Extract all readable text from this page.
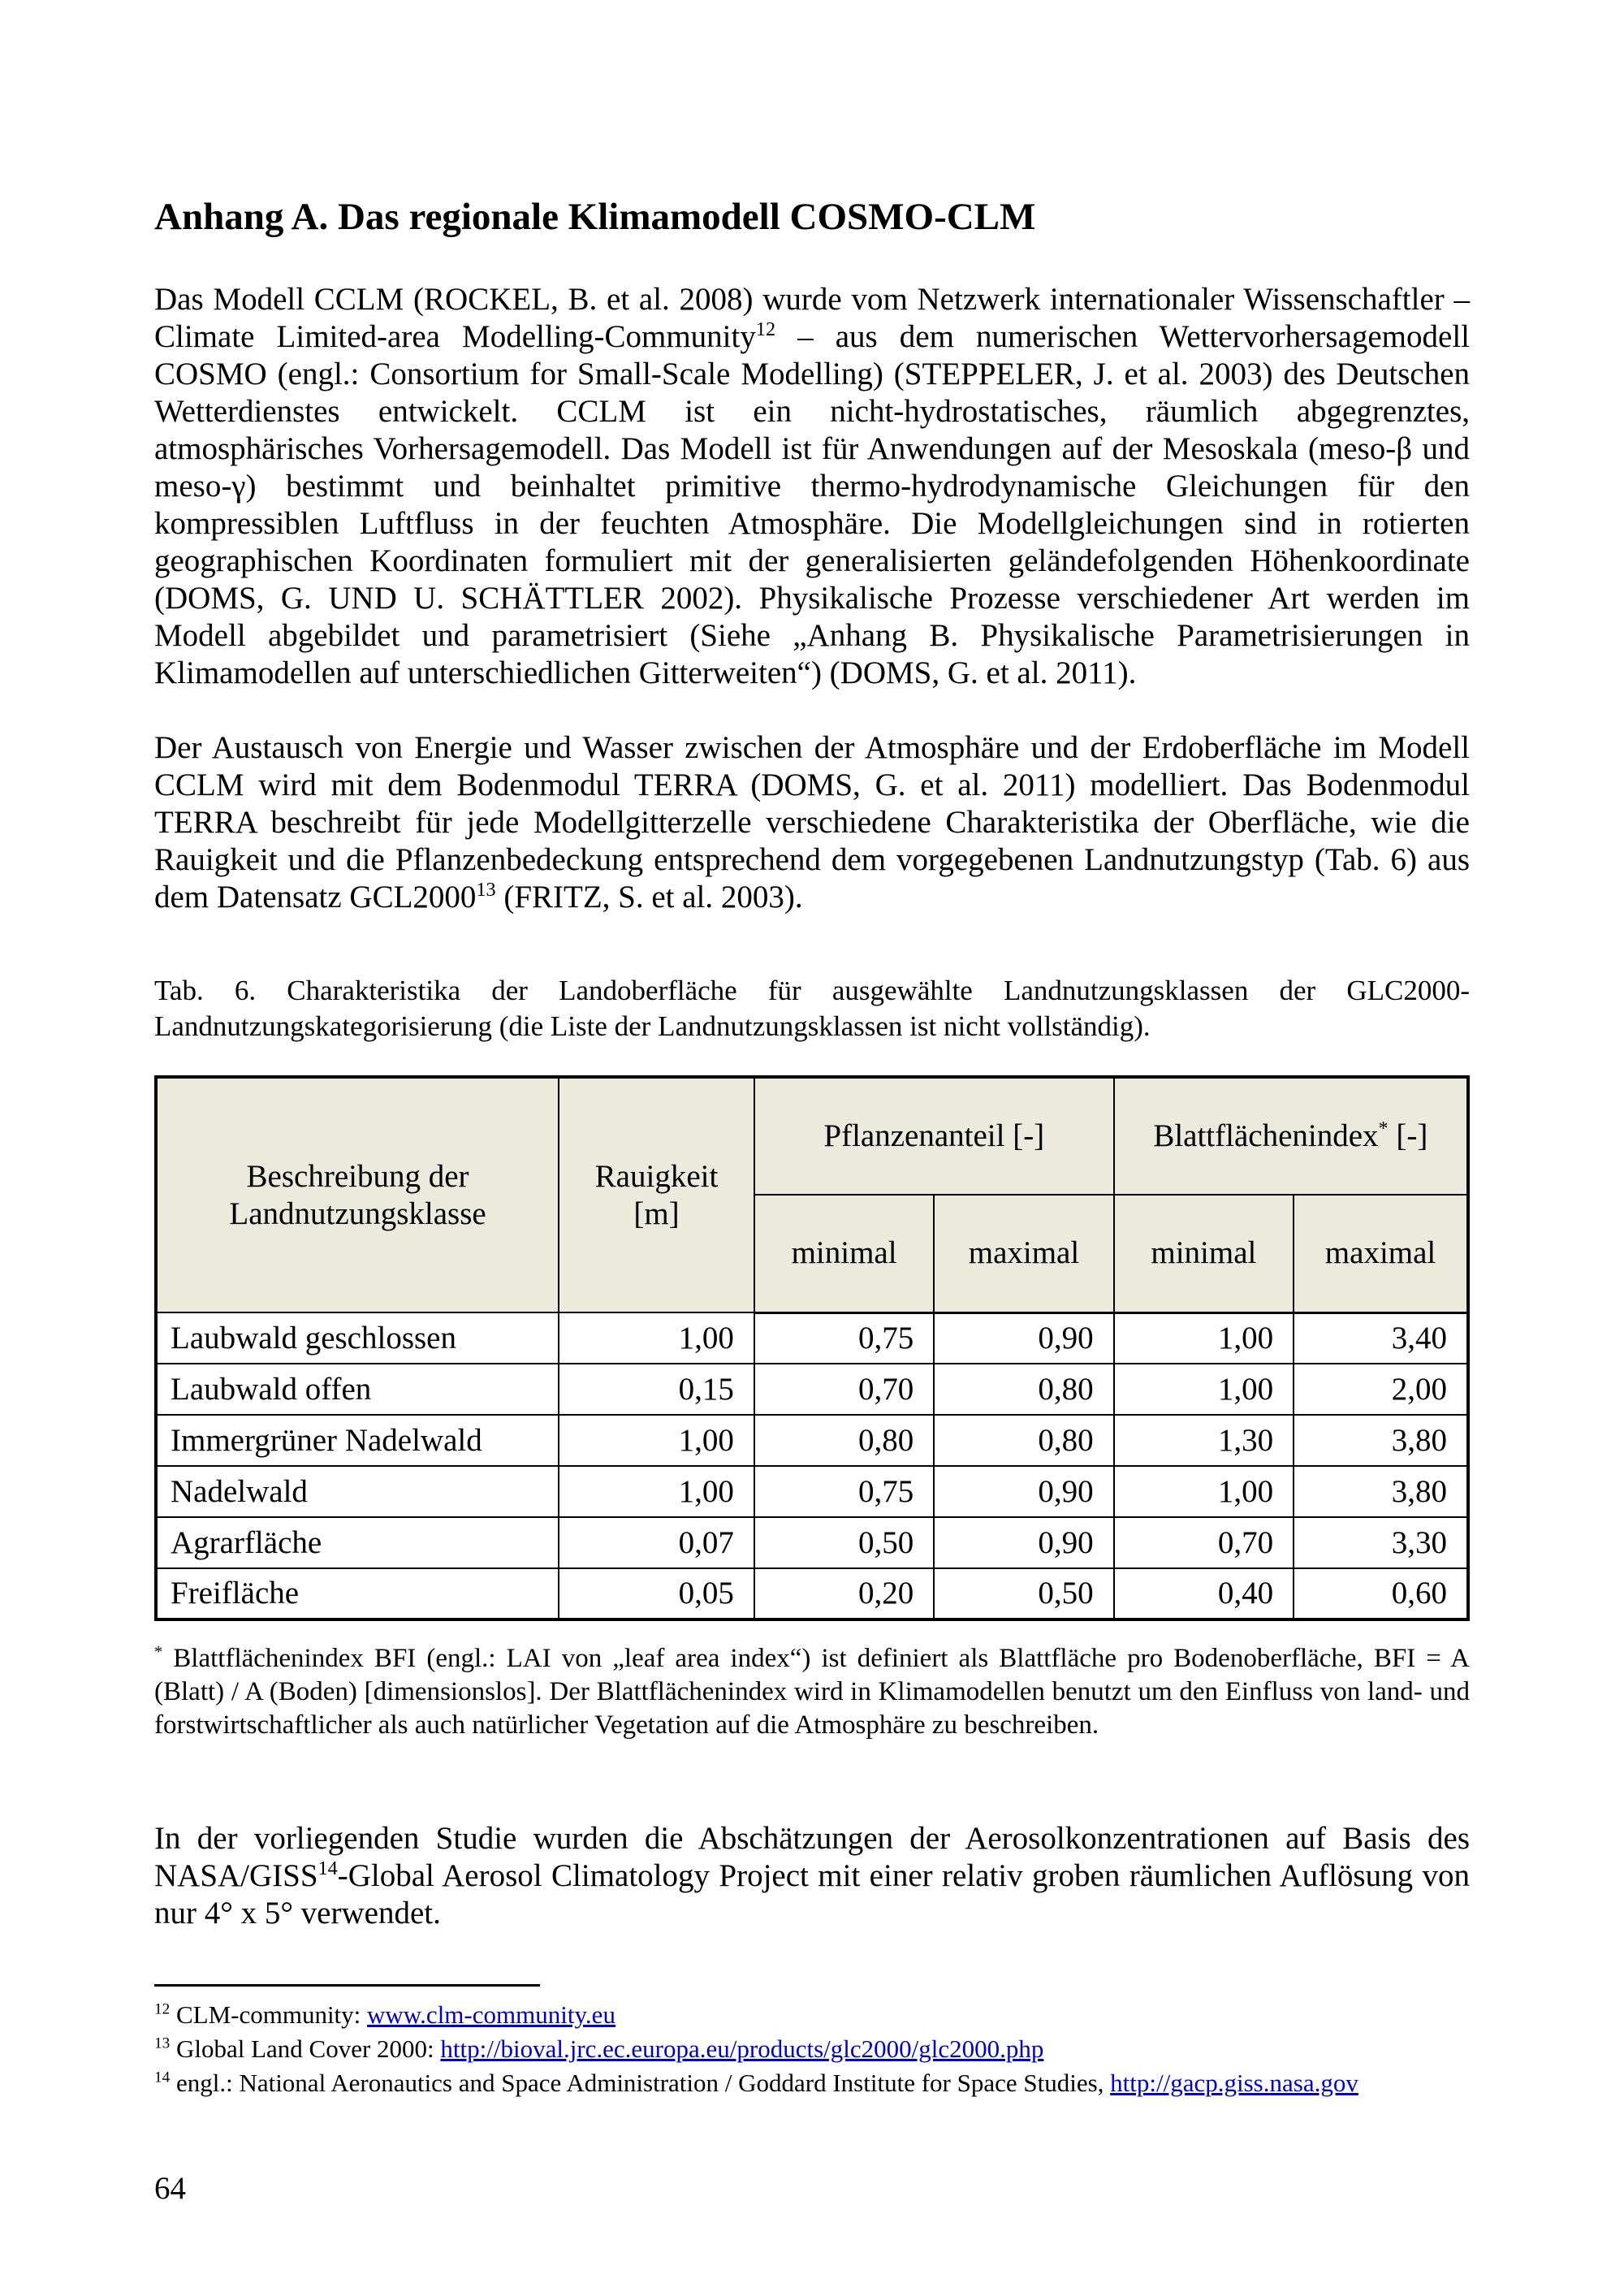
Anhang A. Das regionale Klimamodell COSMO-CLM

Das Modell CCLM (ROCKEL, B. et al. 2008) wurde vom Netzwerk internationaler Wissenschaftler – Climate Limited-area Modelling-Community$^{12}$ – aus dem numerischen Wettervorhersagemodell COSMO (engl.: Consortium for Small-Scale Modelling) (STEPPELER, J. et al. 2003) des Deutschen Wetterdienstes entwickelt. CCLM ist ein nicht-hydrostatisches, räumlich abgegrenztes, atmosphärisches Vorhersagemodell. Das Modell ist für Anwendungen auf der Mesoskala (meso-β und meso-γ) bestimmt und beinhaltet primitive thermo-hydrodynamische Gleichungen für den kompressiblen Luftfluss in der feuchten Atmosphäre. Die Modellgleichungen sind in rotierten geographischen Koordinaten formuliert mit der generalisierten geländefolgenden Höhenkoordinate (DOMS, G. UND U. SCHÄTTLER 2002). Physikalische Prozesse verschiedener Art werden im Modell abgebildet und parametrisiert (Siehe „Anhang B. Physikalische Parametrisierungen in Klimamodellen auf unterschiedlichen Gitterweiten“) (DOMS, G. et al. 2011).

Der Austausch von Energie und Wasser zwischen der Atmosphäre und der Erdoberfläche im Modell CCLM wird mit dem Bodenmodul TERRA (DOMS, G. et al. 2011) modelliert. Das Bodenmodul TERRA beschreibt für jede Modellgitterzelle verschiedene Charakteristika der Oberfläche, wie die Rauigkeit und die Pflanzenbedeckung entsprechend dem vorgegebenen Landnutzungstyp (Tab. 6) aus dem Datensatz GCL2000$^{13}$ (FRITZ, S. et al. 2003).

Tab. 6. Charakteristika der Landoberfläche für ausgewählte Landnutzungsklassen der GLC2000-Landnutzungskategorisierung (die Liste der Landnutzungsklassen ist nicht vollständig).

Beschreibung der Landnutzungsklasse	Rauigkeit [m]	Pflanzenanteil [-]		Blattflächenindex* [-]	
		minimal	maximal	minimal	maximal
Laubwald geschlossen	1,00	0,75	0,90	1,00	3,40
Laubwald offen	0,15	0,70	0,80	1,00	2,00
Immergrüner Nadelwald	1,00	0,80	0,80	1,30	3,80
Nadelwald	1,00	0,75	0,90	1,00	3,80
Agrarfläche	0,07	0,50	0,90	0,70	3,30
Freifläche	0,05	0,20	0,50	0,40	0,60

* Blattflächenindex BFI (engl.: LAI von „leaf area index“) ist definiert als Blattfläche pro Bodenoberfläche, BFI = A (Blatt) / A (Boden) [dimensionslos]. Der Blattflächenindex wird in Klimamodellen benutzt um den Einfluss von land- und forstwirtschaftlicher als auch natürlicher Vegetation auf die Atmosphäre zu beschreiben.

In der vorliegenden Studie wurden die Abschätzungen der Aerosolkonzentrationen auf Basis des NASA/GISS$^{14}$-Global Aerosol Climatology Project mit einer relativ groben räumlichen Auflösung von nur 4° x 5° verwendet.

$^{12}$ CLM-community: www.clm-community.eu
$^{13}$ Global Land Cover 2000: http://bioval.jrc.ec.europa.eu/products/glc2000/glc2000.php
$^{14}$ engl.: National Aeronautics and Space Administration / Goddard Institute for Space Studies, http://gacp.giss.nasa.gov
64
